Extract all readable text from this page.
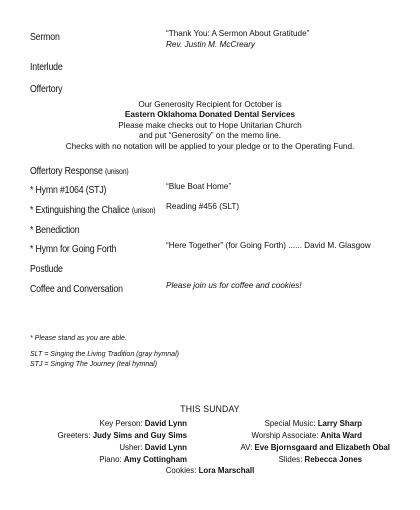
Sermon	“Thank You: A Sermon About Gratitude”
Rev. Justin M. McCreary
Interlude
Offertory
Our Generosity Recipient for October is
Eastern Oklahoma Donated Dental Services
Please make checks out to Hope Unitarian Church
and put “Generosity” on the memo line.
Checks with no notation will be applied to your pledge or to the Operating Fund.
Offertory Response (unison)
* Hymn #1064 (STJ)	“Blue Boat Home”
* Extinguishing the Chalice (unison) Reading #456 (SLT)
* Benediction
* Hymn for Going Forth	“Here Together” (for Going Forth) ...... David M. Glasgow
Postlude
Coffee and Conversation	Please join us for coffee and cookies!
* Please stand as you are able.
SLT = Singing the Living Tradition (gray hymnal)
STJ = Singing The Journey (teal hymnal)
THIS SUNDAY
Key Person: David Lynn
Greeters: Judy Sims and Guy Sims
Usher: David Lynn
Piano: Amy Cottingham
Special Music: Larry Sharp
Worship Associate: Anita Ward
AV: Eve Bjornsgaard and Elizabeth Obal
Slides: Rebecca Jones
Cookies: Lora Marschall
